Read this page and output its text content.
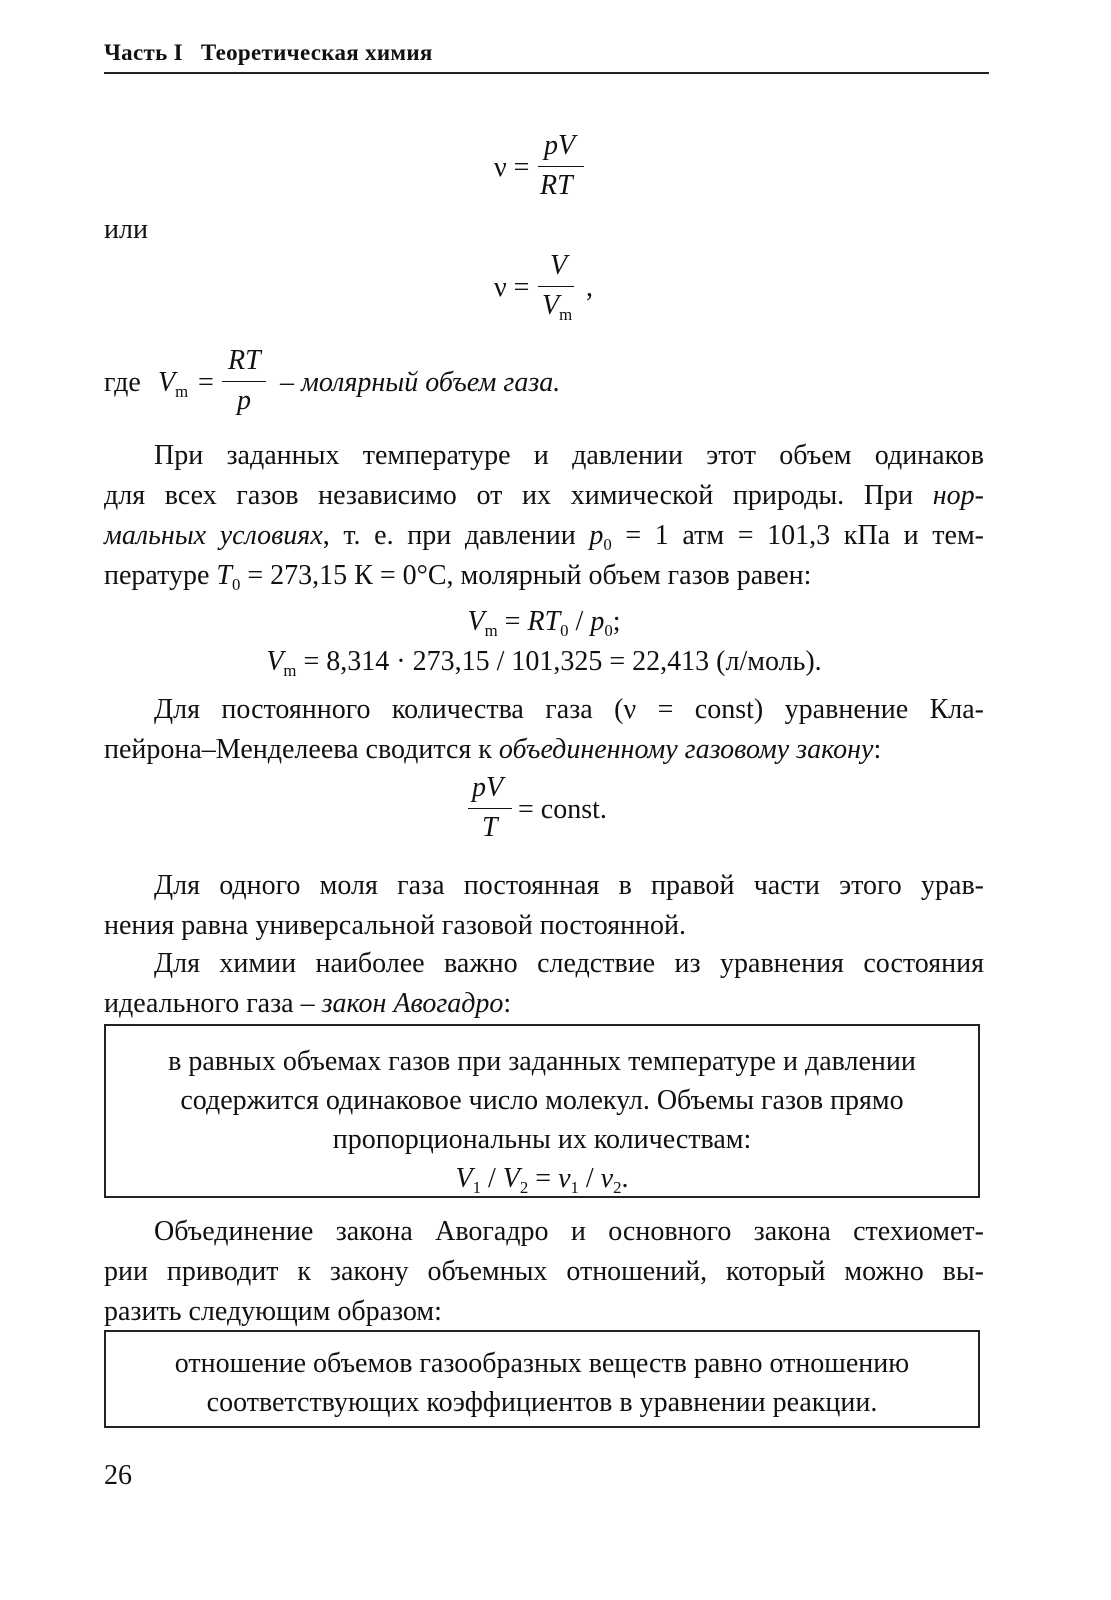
Часть I Теоретическая химия
ν =
pV
RT
или
ν =
V
$V_m$
,
где $V_m$ =
RT
p
– молярный объем газа.
При заданных температуре и давлении этот объем одинаков
для всех газов независимо от их химической природы. При нор-
мальных условиях, т. е. при давлении $p_0 = 1$ атм = 101,3 кПа и тем-
пературе $T_0 = 273,15$ К = 0°С, молярный объем газов равен:
$V_m = RT_0 / p_0$;
$V_m = 8,314 \cdot 273,15 / 101,325 = 22,413$ (л/моль).
Для постоянного количества газа (ν = const) уравнение Кла-
пейрона–Менделеева сводится к объединенному газовому закону:
pV
T
= const.
Для одного моля газа постоянная в правой части этого урав-
нения равна универсальной газовой постоянной.
Для химии наиболее важно следствие из уравнения состояния
идеального газа – закон Авогадро:
в равных объемах газов при заданных температуре и давлении
содержится одинаковое число молекул. Объемы газов прямо
пропорциональны их количествам:
$V_1 / V_2 = \nu_1 / \nu_2$.
Объединение закона Авогадро и основного закона стехиомет-
рии приводит к закону объемных отношений, который можно вы-
разить следующим образом:
отношение объемов газообразных веществ равно отношению
соответствующих коэффициентов в уравнении реакции.
26
